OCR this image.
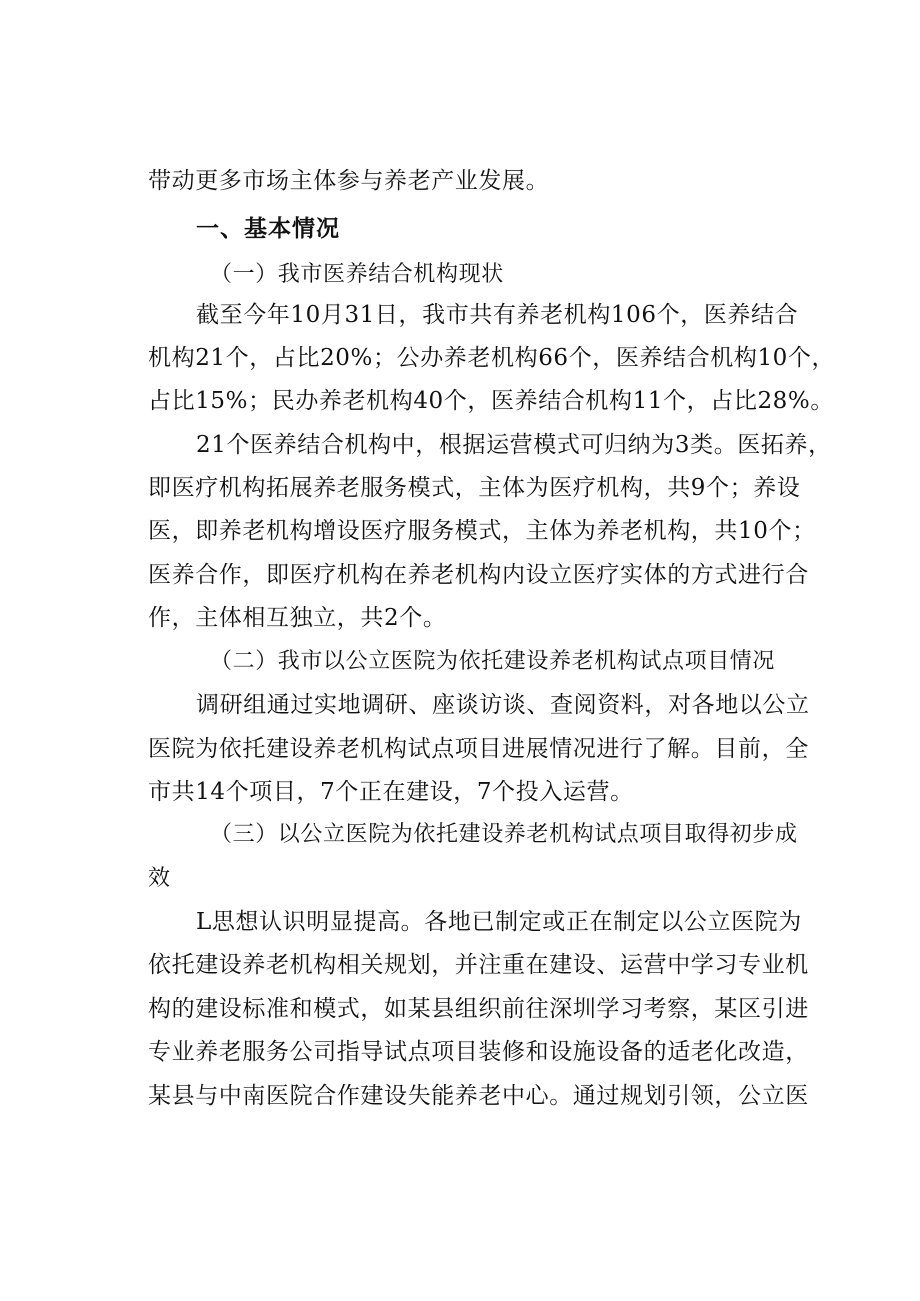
带动更多市场主体参与养老产业发展。
一、基本情况
（一）我市医养结合机构现状
截至今年10月31日，我市共有养老机构106个，医养结合
机构21个，占比20%；公办养老机构66个，医养结合机构10个，
占比15%；民办养老机构40个，医养结合机构11个，占比28%。
21个医养结合机构中，根据运营模式可归纳为3类。医拓养，
即医疗机构拓展养老服务模式，主体为医疗机构，共9个；养设
医，即养老机构增设医疗服务模式，主体为养老机构，共10个；
医养合作，即医疗机构在养老机构内设立医疗实体的方式进行合
作，主体相互独立，共2个。
（二）我市以公立医院为依托建设养老机构试点项目情况
调研组通过实地调研、座谈访谈、查阅资料，对各地以公立
医院为依托建设养老机构试点项目进展情况进行了解。目前，全
市共14个项目，7个正在建设，7个投入运营。
（三）以公立医院为依托建设养老机构试点项目取得初步成
效
L思想认识明显提高。各地已制定或正在制定以公立医院为
依托建设养老机构相关规划，并注重在建设、运营中学习专业机
构的建设标准和模式，如某县组织前往深圳学习考察，某区引进
专业养老服务公司指导试点项目装修和设施设备的适老化改造，
某县与中南医院合作建设失能养老中心。通过规划引领，公立医
